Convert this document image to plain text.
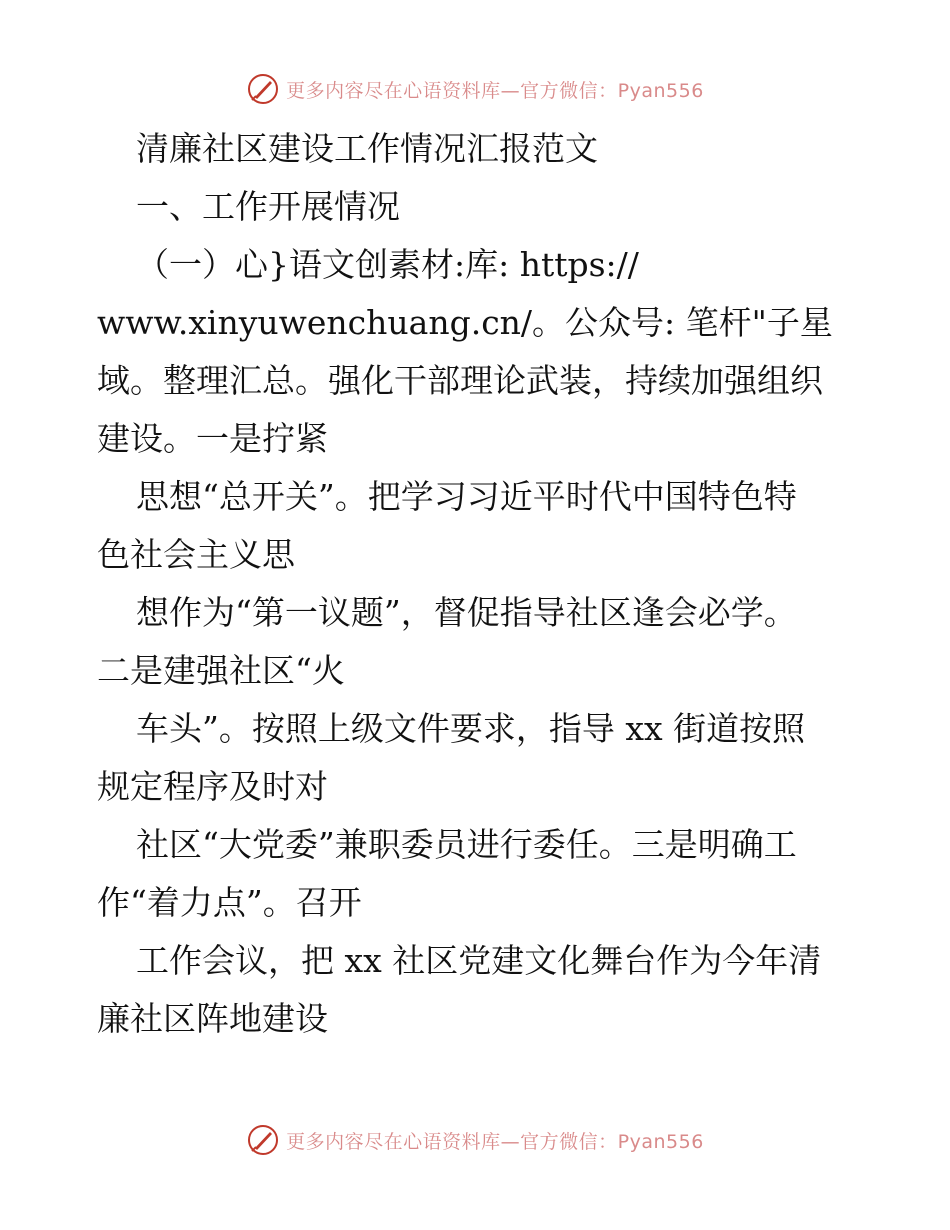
更多内容尽在心语资料库—官方微信：Pyan556
清廉社区建设工作情况汇报范文
一、工作开展情况
（一）心}语文创素材:库: https://
www.xinyuwenchuang.cn/。公众号: 笔杆"子星
域。整理汇总。强化干部理论武装，持续加强组织
建设。一是拧紧
思想“总开关”。把学习习近平时代中国特色特
色社会主义思
想作为“第一议题”，督促指导社区逢会必学。
二是建强社区“火
车头”。按照上级文件要求，指导 xx 街道按照
规定程序及时对
社区“大党委”兼职委员进行委任。三是明确工
作“着力点”。召开
工作会议，把 xx 社区党建文化舞台作为今年清
廉社区阵地建设
更多内容尽在心语资料库—官方微信：Pyan556
